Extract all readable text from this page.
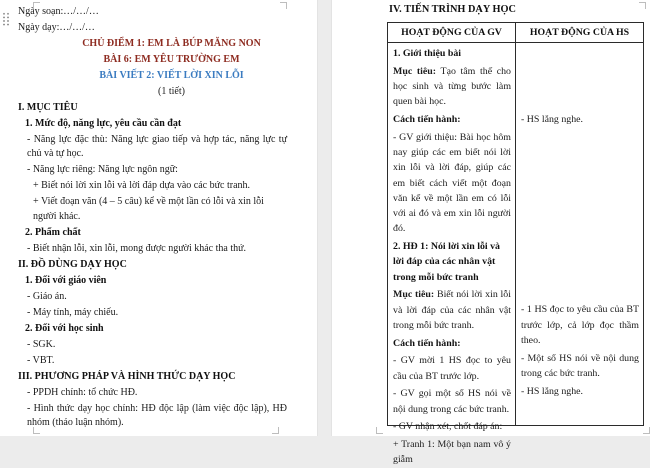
Ngày soạn:…/…/…

Ngày dạy:…/…/…

CHỦ ĐIỂM 1: EM LÀ BÚP MĂNG NON

BÀI 6: EM YÊU TRƯỜNG EM

BÀI VIẾT 2: VIẾT LỜI XIN LỖI

(1 tiết)

I. MỤC TIÊU

1. Mức độ, năng lực, yêu cầu cần đạt

- Năng lực đặc thù: Năng lực giao tiếp và hợp tác, năng lực tự chủ và tự học.

- Năng lực riêng: Năng lực ngôn ngữ:

+ Biết nói lời xin lỗi và lời đáp dựa vào các bức tranh.

+ Viết đoạn văn (4 – 5 câu) kể về một lần có lỗi và xin lỗi người khác.

2. Phẩm chất

- Biết nhận lỗi, xin lỗi, mong được người khác tha thứ.

II. ĐỒ DÙNG DẠY HỌC

1. Đối với giáo viên

- Giáo án.

- Máy tính, máy chiếu.

2. Đối với học sinh

- SGK.

- VBT.

III. PHƯƠNG PHÁP VÀ HÌNH THỨC DẠY HỌC

- PPDH chính: tổ chức HĐ.

- Hình thức dạy học chính: HĐ độc lập (làm việc độc lập), HĐ nhóm (thảo luận nhóm).

IV. TIẾN TRÌNH DẠY HỌC

HOẠT ĐỘNG CỦA GV	HOẠT ĐỘNG CỦA HS

1. Giới thiệu bài

Mục tiêu: Tạo tâm thế cho học sinh và từng bước làm quen bài học.

Cách tiến hành:

- GV giới thiệu: Bài học hôm nay giúp các em biết nói lời xin lỗi và lời đáp, giúp các em biết cách viết một đoạn văn kể về một lần em có lỗi với ai đó và em xin lỗi người đó.

2. HĐ 1: Nói lời xin lỗi và lời đáp của các nhân vật trong mỗi bức tranh

Mục tiêu: Biết nói lời xin lỗi và lời đáp của các nhân vật trong mỗi bức tranh.

Cách tiến hành:

- GV mời 1 HS đọc to yêu cầu của BT trước lớp.

- GV gọi một số HS nói về nội dung trong các bức tranh.

- GV nhận xét, chốt đáp án:

+ Tranh 1: Một bạn nam vô ý giẫm

- HS lắng nghe.

- 1 HS đọc to yêu cầu của BT trước lớp, cả lớp đọc thầm theo.

- Một số HS nói về nội dung trong các bức tranh.

- HS lắng nghe.
